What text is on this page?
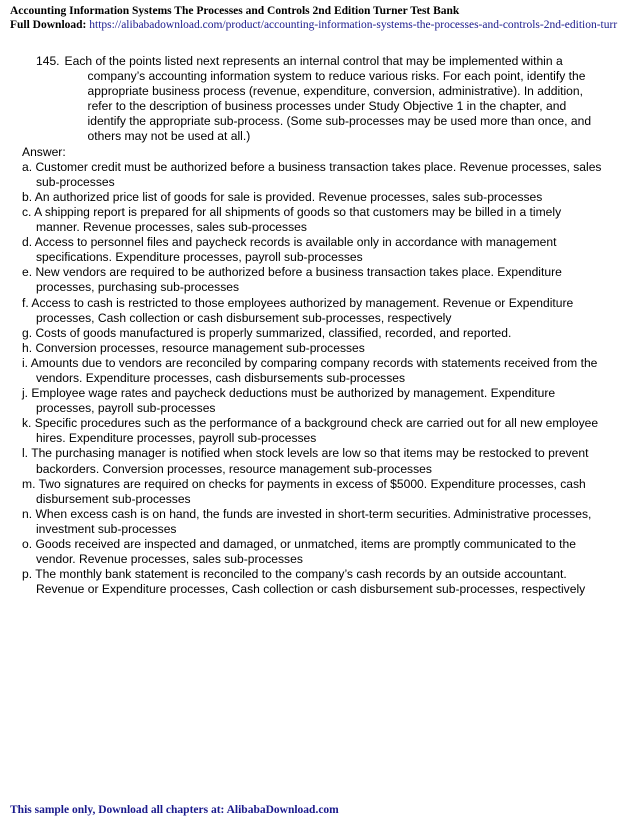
Accounting Information Systems The Processes and Controls 2nd Edition Turner Test Bank
Full Download: https://alibabadownload.com/product/accounting-information-systems-the-processes-and-controls-2nd-edition-turr
145. Each of the points listed next represents an internal control that may be implemented within a company’s accounting information system to reduce various risks. For each point, identify the appropriate business process (revenue, expenditure, conversion, administrative). In addition, refer to the description of business processes under Study Objective 1 in the chapter, and identify the appropriate sub-process. (Some sub-processes may be used more than once, and others may not be used at all.)
Answer:
a. Customer credit must be authorized before a business transaction takes place. Revenue processes, sales sub-processes
b. An authorized price list of goods for sale is provided. Revenue processes, sales sub-processes
c. A shipping report is prepared for all shipments of goods so that customers may be billed in a timely manner. Revenue processes, sales sub-processes
d. Access to personnel files and paycheck records is available only in accordance with management specifications. Expenditure processes, payroll sub-processes
e. New vendors are required to be authorized before a business transaction takes place. Expenditure processes, purchasing sub-processes
f. Access to cash is restricted to those employees authorized by management. Revenue or Expenditure processes, Cash collection or cash disbursement sub-processes, respectively
g. Costs of goods manufactured is properly summarized, classified, recorded, and reported.
h. Conversion processes, resource management sub-processes
i. Amounts due to vendors are reconciled by comparing company records with statements received from the vendors. Expenditure processes, cash disbursements sub-processes
j. Employee wage rates and paycheck deductions must be authorized by management. Expenditure processes, payroll sub-processes
k. Specific procedures such as the performance of a background check are carried out for all new employee hires. Expenditure processes, payroll sub-processes
l. The purchasing manager is notified when stock levels are low so that items may be restocked to prevent backorders. Conversion processes, resource management sub-processes
m. Two signatures are required on checks for payments in excess of $5000. Expenditure processes, cash disbursement sub-processes
n. When excess cash is on hand, the funds are invested in short-term securities. Administrative processes, investment sub-processes
o. Goods received are inspected and damaged, or unmatched, items are promptly communicated to the vendor. Revenue processes, sales sub-processes
p. The monthly bank statement is reconciled to the company’s cash records by an outside accountant. Revenue or Expenditure processes, Cash collection or cash disbursement sub-processes, respectively
This sample only, Download all chapters at: AlibabaDownload.com
